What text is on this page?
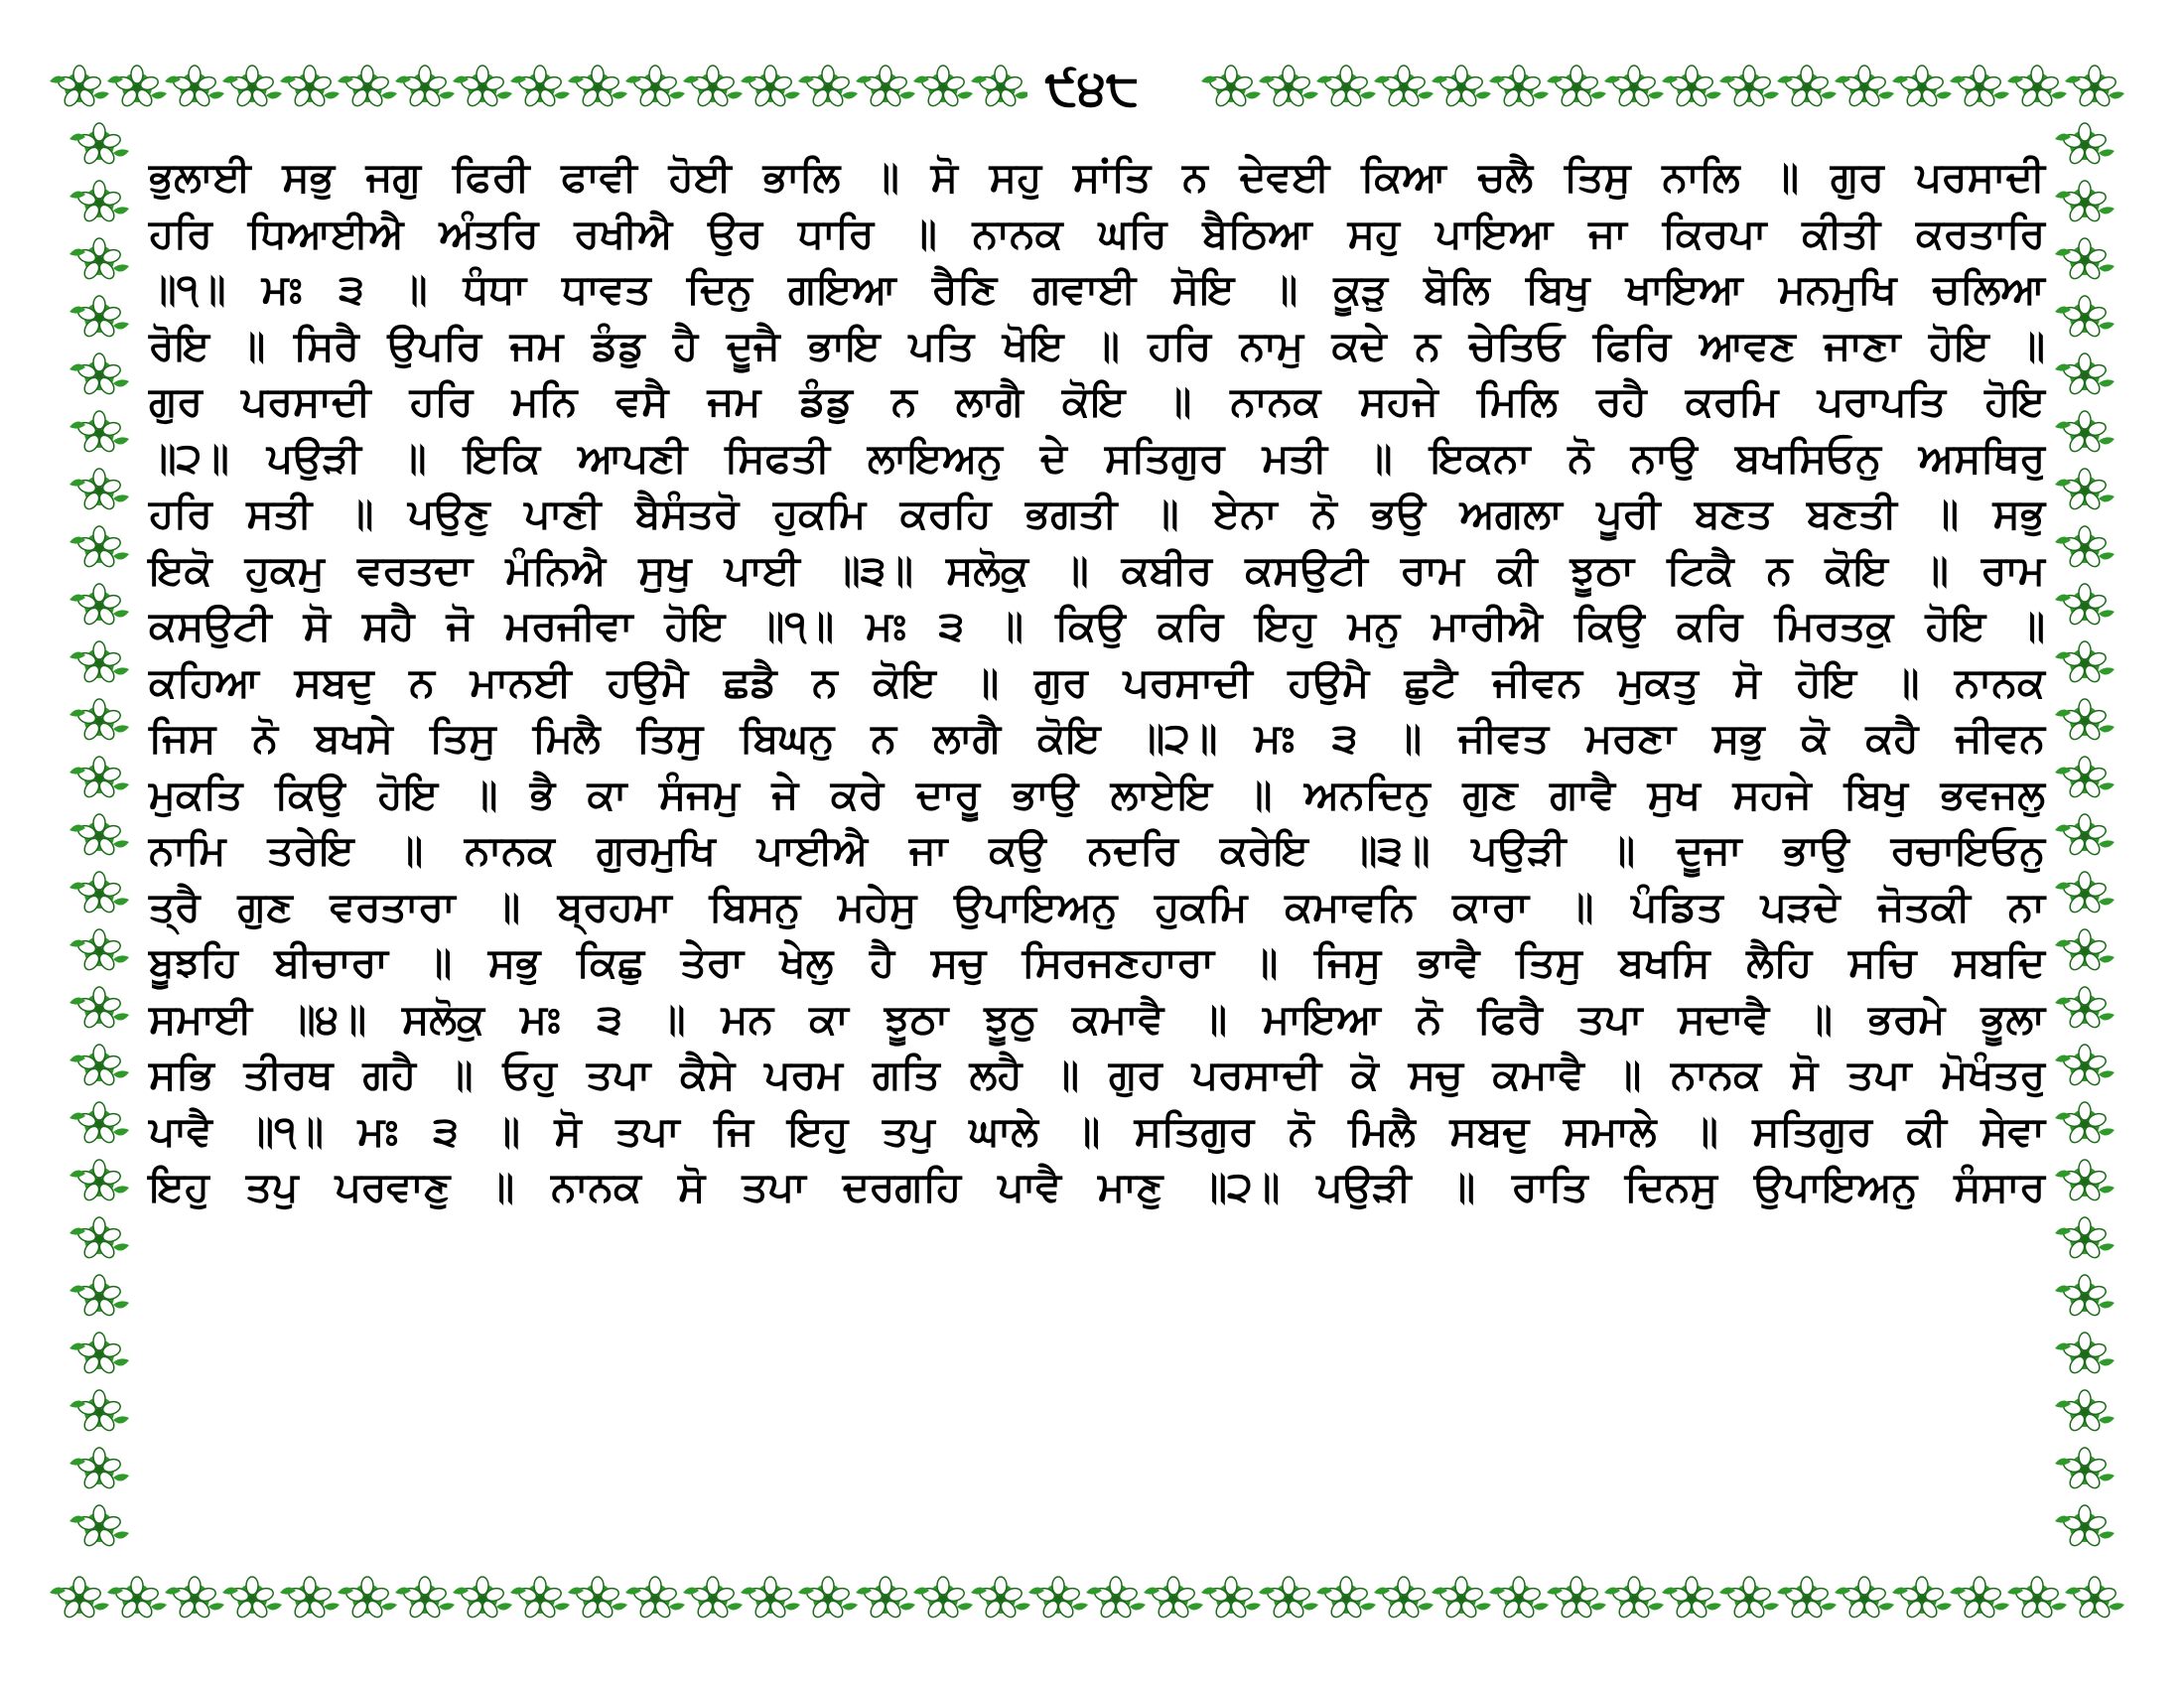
੯੪੮
ਭੁਲਾਈ ਸਭੁ ਜਗੁ ਫਿਰੀ ਫਾਵੀ ਹੋਈ ਭਾਲਿ ॥ ਸੋ ਸਹੁ ਸਾਂਤਿ ਨ ਦੇਵਈ ਕਿਆ ਚਲੈ ਤਿਸੁ ਨਾਲਿ ॥ ਗੁਰ ਪਰਸਾਦੀ
ਹਰਿ ਧਿਆਈਐ ਅੰਤਰਿ ਰਖੀਐ ਉਰ ਧਾਰਿ ॥ ਨਾਨਕ ਘਰਿ ਬੈਠਿਆ ਸਹੁ ਪਾਇਆ ਜਾ ਕਿਰਪਾ ਕੀਤੀ ਕਰਤਾਰਿ
॥੧॥ ਮਃ ੩ ॥ ਧੰਧਾ ਧਾਵਤ ਦਿਨੁ ਗਇਆ ਰੈਣਿ ਗਵਾਈ ਸੋਇ ॥ ਕੂੜੁ ਬੋਲਿ ਬਿਖੁ ਖਾਇਆ ਮਨਮੁਖਿ ਚਲਿਆ
ਰੋਇ ॥ ਸਿਰੈ ਉਪਰਿ ਜਮ ਡੰਡੁ ਹੈ ਦੂਜੈ ਭਾਇ ਪਤਿ ਖੋਇ ॥ ਹਰਿ ਨਾਮੁ ਕਦੇ ਨ ਚੇਤਿਓ ਫਿਰਿ ਆਵਣ ਜਾਣਾ ਹੋਇ ॥
ਗੁਰ ਪਰਸਾਦੀ ਹਰਿ ਮਨਿ ਵਸੈ ਜਮ ਡੰਡੁ ਨ ਲਾਗੈ ਕੋਇ ॥ ਨਾਨਕ ਸਹਜੇ ਮਿਲਿ ਰਹੈ ਕਰਮਿ ਪਰਾਪਤਿ ਹੋਇ
॥੨॥ ਪਉੜੀ ॥ ਇਕਿ ਆਪਣੀ ਸਿਫਤੀ ਲਾਇਅਨੁ ਦੇ ਸਤਿਗੁਰ ਮਤੀ ॥ ਇਕਨਾ ਨੋ ਨਾਉ ਬਖਸਿਓਨੁ ਅਸਥਿਰੁ
ਹਰਿ ਸਤੀ ॥ ਪਉਣੁ ਪਾਣੀ ਬੈਸੰਤਰੋ ਹੁਕਮਿ ਕਰਹਿ ਭਗਤੀ ॥ ਏਨਾ ਨੋ ਭਉ ਅਗਲਾ ਪੂਰੀ ਬਣਤ ਬਣਤੀ ॥ ਸਭੁ
ਇਕੋ ਹੁਕਮੁ ਵਰਤਦਾ ਮੰਨਿਐ ਸੁਖੁ ਪਾਈ ॥੩॥ ਸਲੋਕੁ ॥ ਕਬੀਰ ਕਸਉਟੀ ਰਾਮ ਕੀ ਝੂਠਾ ਟਿਕੈ ਨ ਕੋਇ ॥ ਰਾਮ
ਕਸਉਟੀ ਸੋ ਸਹੈ ਜੋ ਮਰਜੀਵਾ ਹੋਇ ॥੧॥ ਮਃ ੩ ॥ ਕਿਉ ਕਰਿ ਇਹੁ ਮਨੁ ਮਾਰੀਐ ਕਿਉ ਕਰਿ ਮਿਰਤਕੁ ਹੋਇ ॥
ਕਹਿਆ ਸਬਦੁ ਨ ਮਾਨਈ ਹਉਮੈ ਛਡੈ ਨ ਕੋਇ ॥ ਗੁਰ ਪਰਸਾਦੀ ਹਉਮੈ ਛੁਟੈ ਜੀਵਨ ਮੁਕਤੁ ਸੋ ਹੋਇ ॥ ਨਾਨਕ
ਜਿਸ ਨੋ ਬਖਸੇ ਤਿਸੁ ਮਿਲੈ ਤਿਸੁ ਬਿਘਨੁ ਨ ਲਾਗੈ ਕੋਇ ॥੨॥ ਮਃ ੩ ॥ ਜੀਵਤ ਮਰਣਾ ਸਭੁ ਕੋ ਕਹੈ ਜੀਵਨ
ਮੁਕਤਿ ਕਿਉ ਹੋਇ ॥ ਭੈ ਕਾ ਸੰਜਮੁ ਜੇ ਕਰੇ ਦਾਰੂ ਭਾਉ ਲਾਏਇ ॥ ਅਨਦਿਨੁ ਗੁਣ ਗਾਵੈ ਸੁਖ ਸਹਜੇ ਬਿਖੁ ਭਵਜਲੁ
ਨਾਮਿ ਤਰੇਇ ॥ ਨਾਨਕ ਗੁਰਮੁਖਿ ਪਾਈਐ ਜਾ ਕਉ ਨਦਰਿ ਕਰੇਇ ॥੩॥ ਪਉੜੀ ॥ ਦੂਜਾ ਭਾਉ ਰਚਾਇਓਨੁ
ਤ੍ਰੈ ਗੁਣ ਵਰਤਾਰਾ ॥ ਬ੍ਰਹਮਾ ਬਿਸਨੁ ਮਹੇਸੁ ਉਪਾਇਅਨੁ ਹੁਕਮਿ ਕਮਾਵਨਿ ਕਾਰਾ ॥ ਪੰਡਿਤ ਪੜਦੇ ਜੋਤਕੀ ਨਾ
ਬੂਝਹਿ ਬੀਚਾਰਾ ॥ ਸਭੁ ਕਿਛੁ ਤੇਰਾ ਖੇਲੁ ਹੈ ਸਚੁ ਸਿਰਜਣਹਾਰਾ ॥ ਜਿਸੁ ਭਾਵੈ ਤਿਸੁ ਬਖਸਿ ਲੈਹਿ ਸਚਿ ਸਬਦਿ
ਸਮਾਈ ॥੪॥ ਸਲੋਕੁ ਮਃ ੩ ॥ ਮਨ ਕਾ ਝੂਠਾ ਝੂਠੁ ਕਮਾਵੈ ॥ ਮਾਇਆ ਨੋ ਫਿਰੈ ਤਪਾ ਸਦਾਵੈ ॥ ਭਰਮੇ ਭੂਲਾ
ਸਭਿ ਤੀਰਥ ਗਹੈ ॥ ਓਹੁ ਤਪਾ ਕੈਸੇ ਪਰਮ ਗਤਿ ਲਹੈ ॥ ਗੁਰ ਪਰਸਾਦੀ ਕੋ ਸਚੁ ਕਮਾਵੈ ॥ ਨਾਨਕ ਸੋ ਤਪਾ ਮੋਖੰਤਰੁ
ਪਾਵੈ ॥੧॥ ਮਃ ੩ ॥ ਸੋ ਤਪਾ ਜਿ ਇਹੁ ਤਪੁ ਘਾਲੇ ॥ ਸਤਿਗੁਰ ਨੋ ਮਿਲੈ ਸਬਦੁ ਸਮਾਲੇ ॥ ਸਤਿਗੁਰ ਕੀ ਸੇਵਾ
ਇਹੁ ਤਪੁ ਪਰਵਾਣੁ ॥ ਨਾਨਕ ਸੋ ਤਪਾ ਦਰਗਹਿ ਪਾਵੈ ਮਾਣੁ ॥੨॥ ਪਉੜੀ ॥ ਰਾਤਿ ਦਿਨਸੁ ਉਪਾਇਅਨੁ ਸੰਸਾਰ
